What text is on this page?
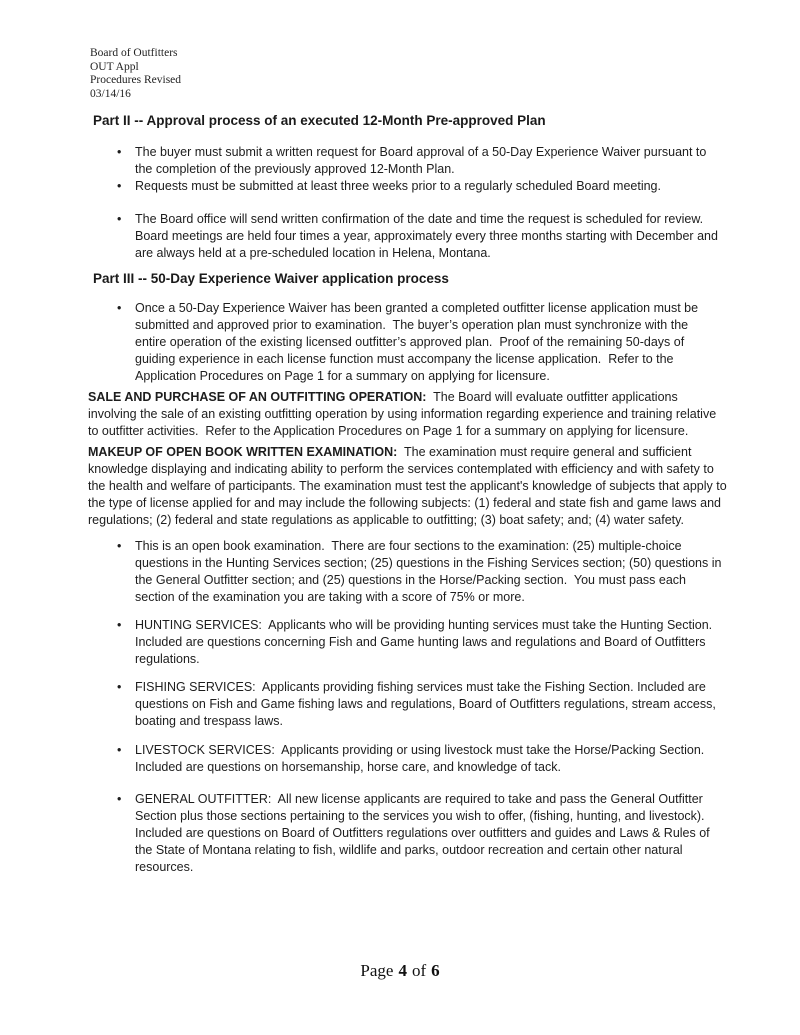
Board of Outfitters
OUT Appl
Procedures Revised
03/14/16
Part II -- Approval process of an executed 12-Month Pre-approved Plan
•	The buyer must submit a written request for Board approval of a 50-Day Experience Waiver pursuant to the completion of the previously approved 12-Month Plan.
•	Requests must be submitted at least three weeks prior to a regularly scheduled Board meeting.
•	The Board office will send written confirmation of the date and time the request is scheduled for review.  Board meetings are held four times a year, approximately every three months starting with December and are always held at a pre-scheduled location in Helena, Montana.
Part III -- 50-Day Experience Waiver application process
•	Once a 50-Day Experience Waiver has been granted a completed outfitter license application must be submitted and approved prior to examination.  The buyer’s operation plan must synchronize with the entire operation of the existing licensed outfitter’s approved plan.  Proof of the remaining 50-days of guiding experience in each license function must accompany the license application.  Refer to the Application Procedures on Page 1 for a summary on applying for licensure.

SALE AND PURCHASE OF AN OUTFITTING OPERATION:  The Board will evaluate outfitter applications involving the sale of an existing outfitting operation by using information regarding experience and training relative to outfitter activities.  Refer to the Application Procedures on Page 1 for a summary on applying for licensure.

MAKEUP OF OPEN BOOK WRITTEN EXAMINATION:  The examination must require general and sufficient knowledge displaying and indicating ability to perform the services contemplated with efficiency and with safety to the health and welfare of participants. The examination must test the applicant's knowledge of subjects that apply to the type of license applied for and may include the following subjects: (1) federal and state fish and game laws and regulations; (2) federal and state regulations as applicable to outfitting; (3) boat safety; and; (4) water safety.

•	This is an open book examination.  There are four sections to the examination: (25) multiple-choice questions in the Hunting Services section; (25) questions in the Fishing Services section; (50) questions in the General Outfitter section; and (25) questions in the Horse/Packing section.  You must pass each section of the examination you are taking with a score of 75% or more.
•	HUNTING SERVICES:  Applicants who will be providing hunting services must take the Hunting Section. Included are questions concerning Fish and Game hunting laws and regulations and Board of Outfitters regulations.
•	FISHING SERVICES:  Applicants providing fishing services must take the Fishing Section. Included are questions on Fish and Game fishing laws and regulations, Board of Outfitters regulations, stream access, boating and trespass laws.
•	LIVESTOCK SERVICES:  Applicants providing or using livestock must take the Horse/Packing Section. Included are questions on horsemanship, horse care, and knowledge of tack.
•	GENERAL OUTFITTER:  All new license applicants are required to take and pass the General Outfitter Section plus those sections pertaining to the services you wish to offer, (fishing, hunting, and livestock). Included are questions on Board of Outfitters regulations over outfitters and guides and Laws & Rules of the State of Montana relating to fish, wildlife and parks, outdoor recreation and certain other natural resources.
Page 4 of 6
